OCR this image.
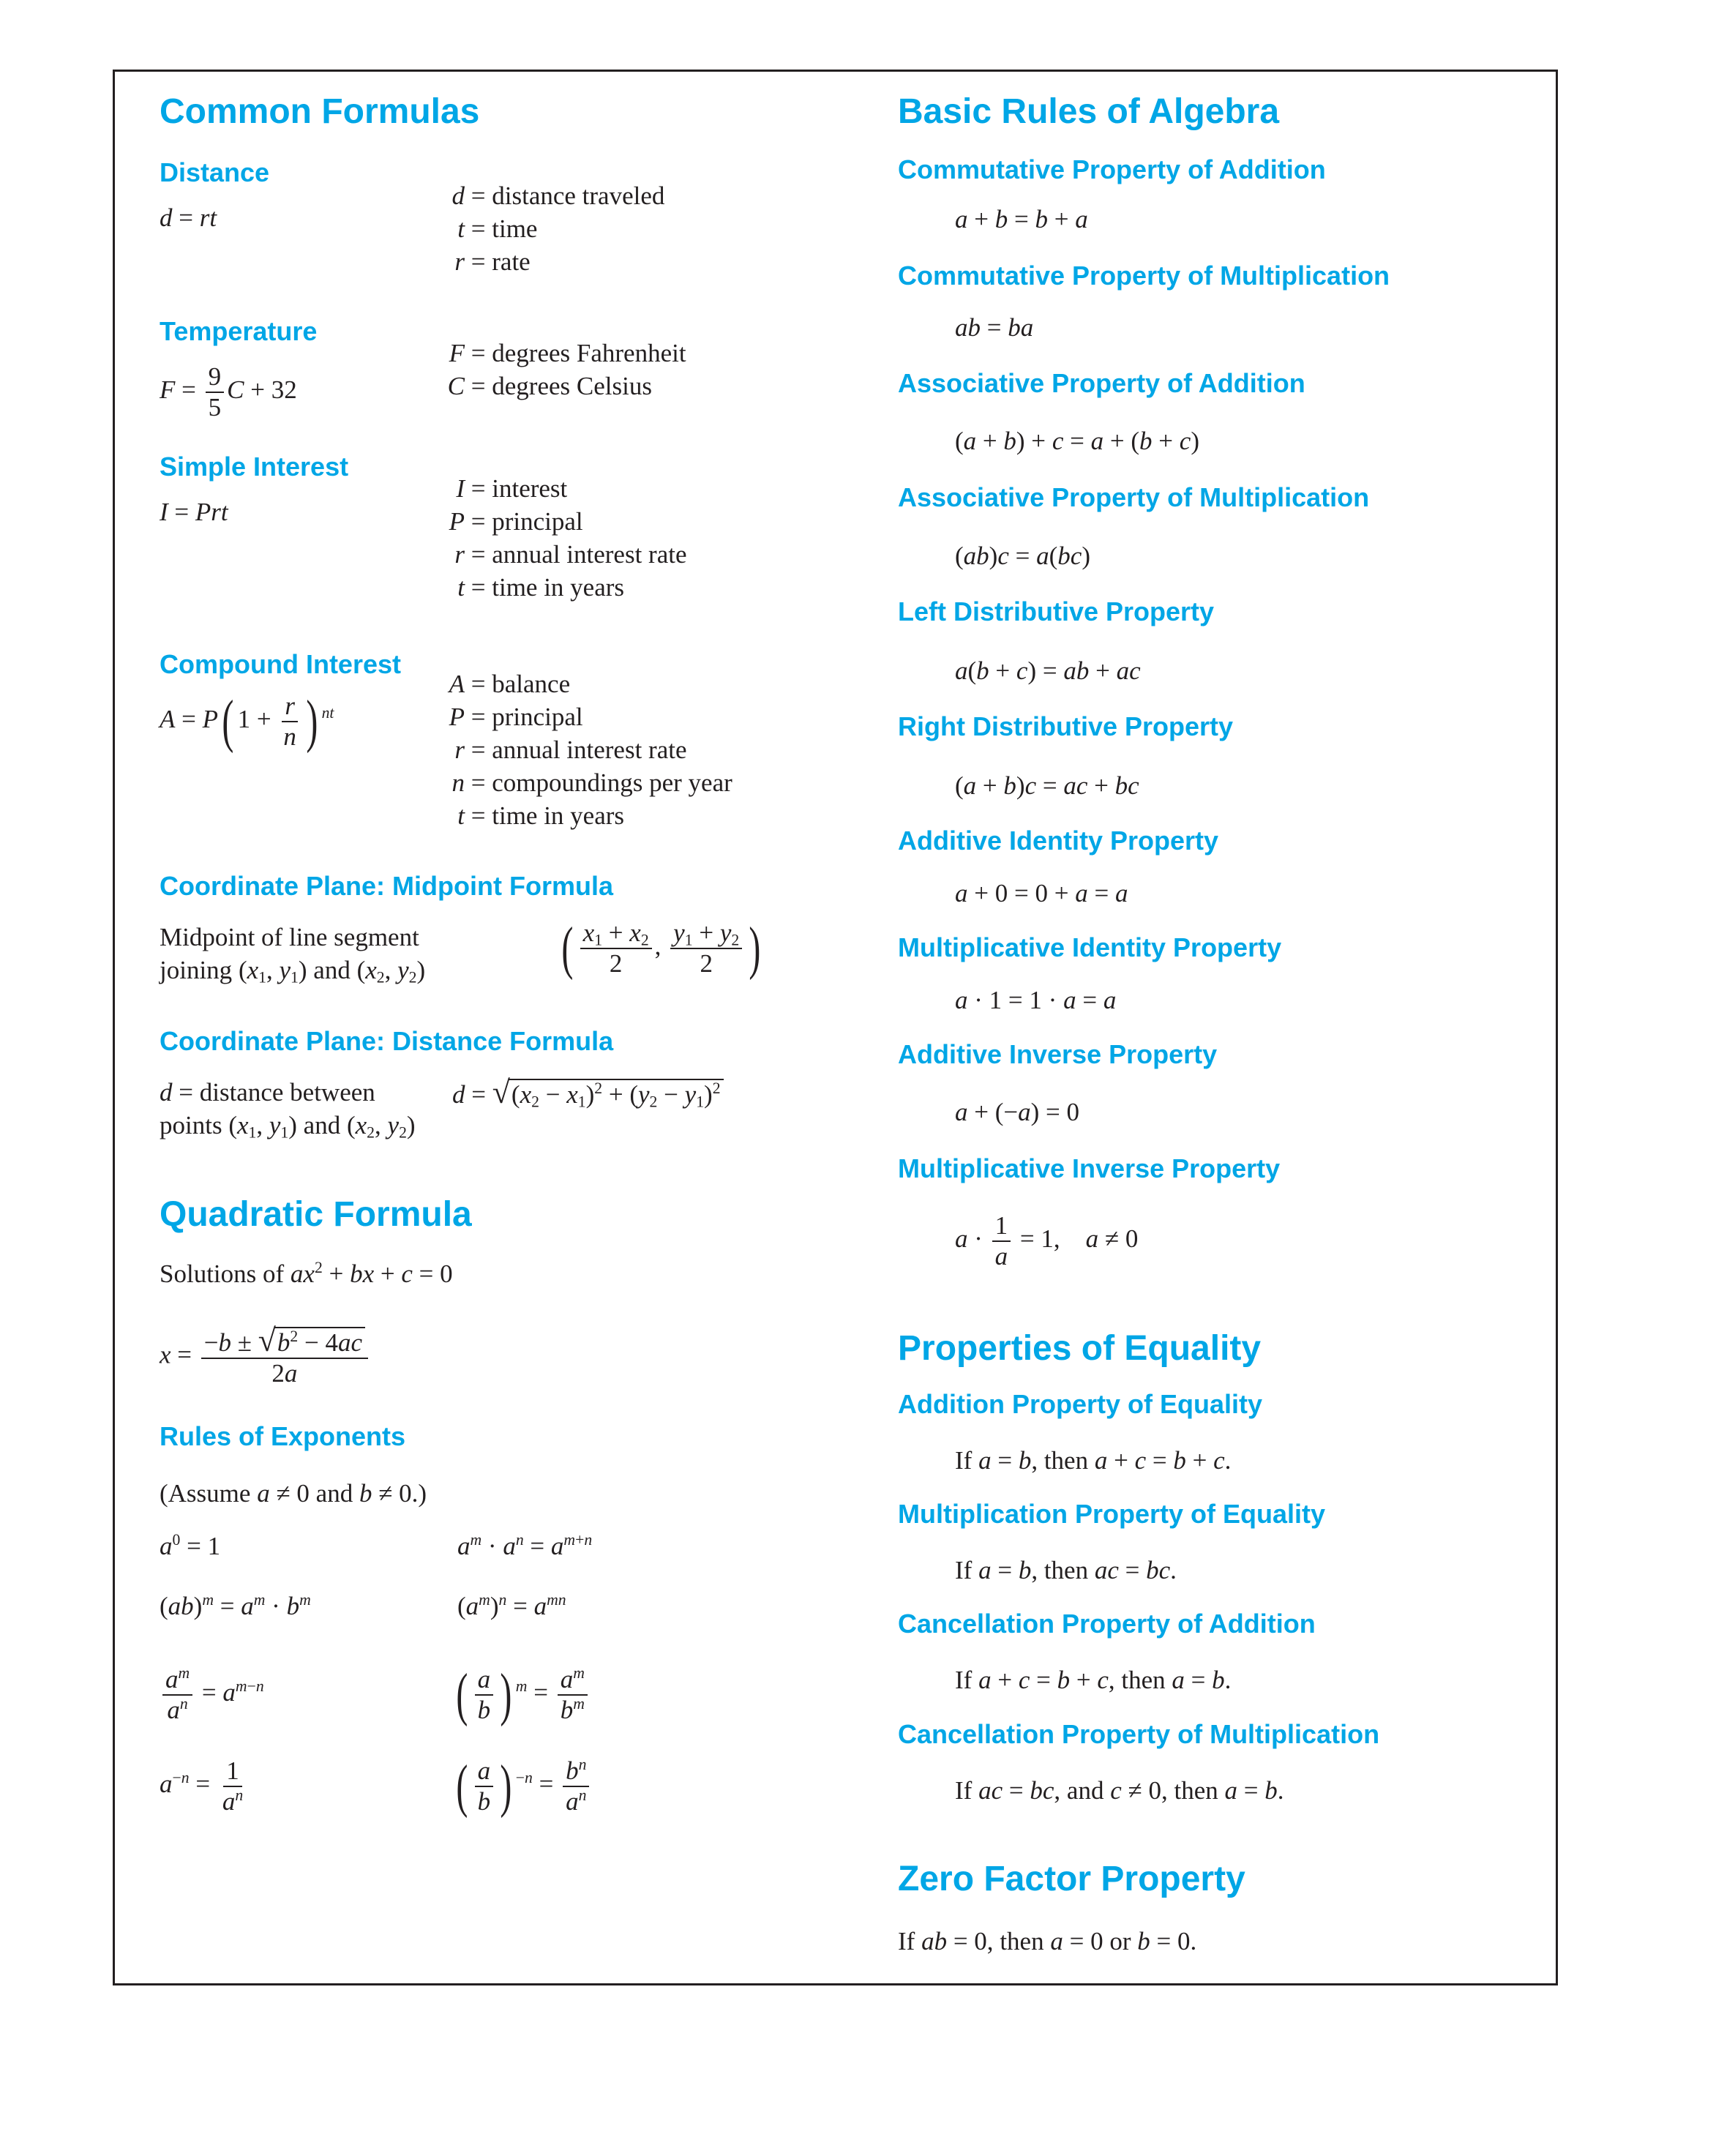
Common Formulas
Distance
d = rt
d = distance traveled
t = time
r = rate
Temperature
$F = \frac{9}{5}$ C + 32
F = degrees Fahrenheit
C = degrees Celsius
Simple Interest
I = Prt
I = interest
P = principal
r = annual interest rate
t = time in years
Compound Interest
A = P( $1 + \frac{r}{n}$ ) $^{nt}$
A = balance
P = principal
r = annual interest rate
n = compoundings per year
t = time in years
Coordinate Plane: Midpoint Formula
Midpoint of line segment
joining ($x_1$, $y_1$) and ($x_2$, $y_2$) ( $\frac{x_1 + x_2}{2}$ , $\frac{y_1 + y_2}{2}$ )
Coordinate Plane: Distance Formula
d = distance between
points ($x_1$, $y_1$) and ($x_2$, $y_2$)
$d = √(x_2 - x_1)^2 + (y_2 - y_1)^2$
Quadratic Formula
Solutions of $ax^2$ + bx + c = 0
$x = \frac{-b \pm √b^2 - 4ac}{2a}$
Rules of Exponents
(Assume a ≠ 0 and b ≠ 0.)
$a^0 = 1$	$a^m \cdot a^n = a^{m+n}$
$(ab)^m = a^m \cdot b^m$	$(a^m)^n = a^{mn}$
$\frac{a^m}{a^n} = a^{m-n}$	( $\frac{a}{b}$ ) $^m = \frac{a^m}{b^m}$
$a^{-n} = \frac{1}{a^n}$	( $\frac{a}{b}$ ) $^{-n} = \frac{b^n}{a^n}$
Basic Rules of Algebra
Commutative Property of Addition
a + b = b + a
Commutative Property of Multiplication
ab = ba
Associative Property of Addition
(a + b) + c = a + (b + c)
Associative Property of Multiplication
(ab)c = a(bc)
Left Distributive Property
a(b + c) = ab + ac
Right Distributive Property
(a + b)c = ac + bc
Additive Identity Property
a + 0 = 0 + a = a
Multiplicative Identity Property
a · 1 = 1 · a = a
Additive Inverse Property
a + (−a) = 0
Multiplicative Inverse Property
$a \cdot \frac{1}{a} = 1$,    a ≠ 0
Properties of Equality
Addition Property of Equality
If a = b, then a + c = b + c.
Multiplication Property of Equality
If a = b, then ac = bc.
Cancellation Property of Addition
If a + c = b + c, then a = b.
Cancellation Property of Multiplication
If ac = bc, and c ≠ 0, then a = b.
Zero Factor Property
If ab = 0, then a = 0 or b = 0.
